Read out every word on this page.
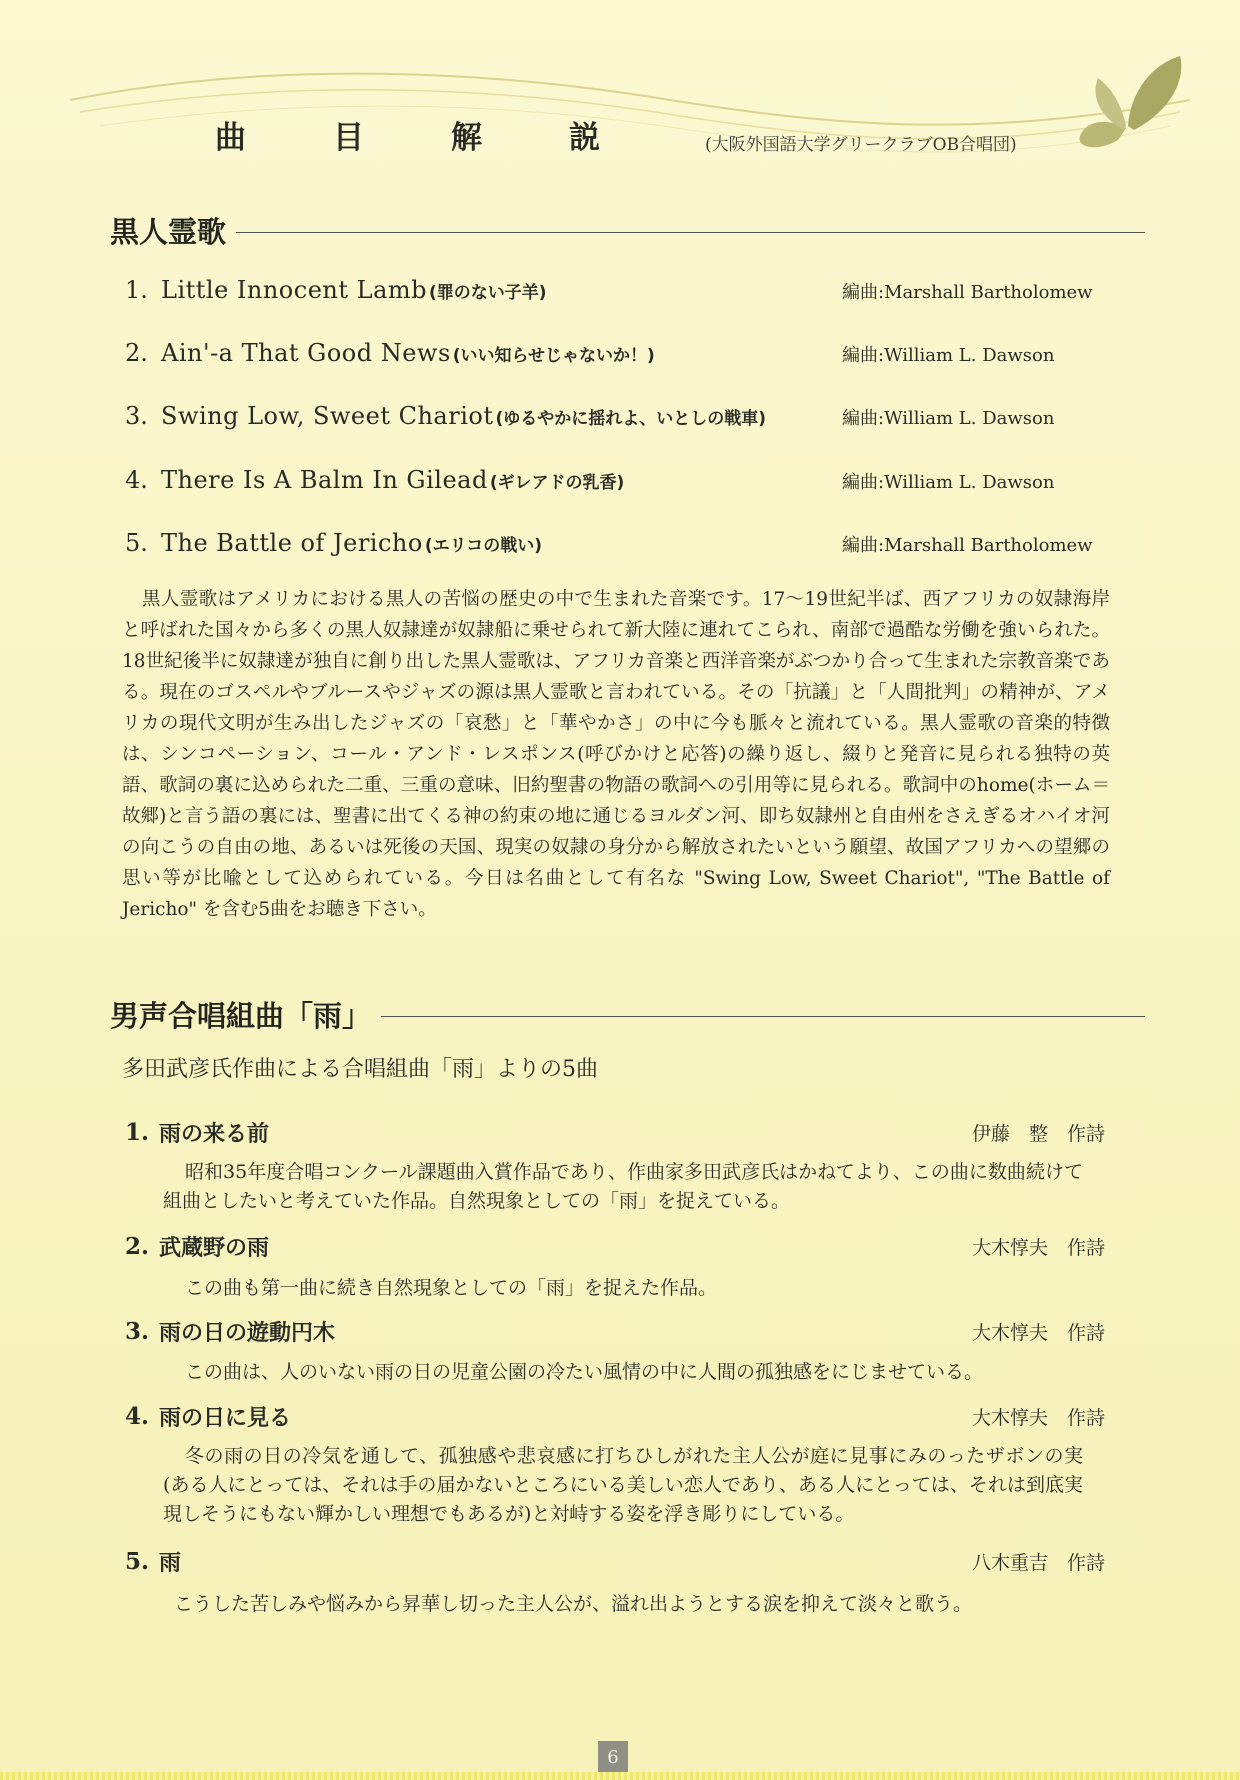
曲　目　解　説	(大阪外国語大学グリークラブOB合唱団)
黒人霊歌
1. Little Innocent Lamb (罪のない子羊)	編曲:Marshall Bartholomew
2. Ain'-a That Good News (いい知らせじゃないか！)	編曲:William L. Dawson
3. Swing Low, Sweet Chariot (ゆるやかに揺れよ、いとしの戦車)	編曲:William L. Dawson
4. There Is A Balm In Gilead (ギレアドの乳香)	編曲:William L. Dawson
5. The Battle of Jericho (エリコの戦い)	編曲:Marshall Bartholomew

黒人霊歌はアメリカにおける黒人の苦悩の歴史の中で生まれた音楽です。17～19世紀半ば、西アフリカの奴隷海岸と呼ばれた国々から多くの黒人奴隷達が奴隷船に乗せられて新大陸に連れてこられ、南部で過酷な労働を強いられた。18世紀後半に奴隷達が独自に創り出した黒人霊歌は、アフリカ音楽と西洋音楽がぶつかり合って生まれた宗教音楽である。現在のゴスペルやブルースやジャズの源は黒人霊歌と言われている。その「抗議」と「人間批判」の精神が、アメリカの現代文明が生み出したジャズの「哀愁」と「華やかさ」の中に今も脈々と流れている。黒人霊歌の音楽的特徴は、シンコペーション、コール・アンド・レスポンス(呼びかけと応答)の繰り返し、綴りと発音に見られる独特の英語、歌詞の裏に込められた二重、三重の意味、旧約聖書の物語の歌詞への引用等に見られる。歌詞中のhome(ホーム＝故郷)と言う語の裏には、聖書に出てくる神の約束の地に通じるヨルダン河、即ち奴隷州と自由州をさえぎるオハイオ河の向こうの自由の地、あるいは死後の天国、現実の奴隷の身分から解放されたいという願望、故国アフリカへの望郷の思い等が比喩として込められている。今日は名曲として有名な "Swing Low, Sweet Chariot", "The Battle of Jericho" を含む5曲をお聴き下さい。

男声合唱組曲「雨」
多田武彦氏作曲による合唱組曲「雨」よりの5曲
1. 雨の来る前	伊藤　整　作詩

昭和35年度合唱コンクール課題曲入賞作品であり、作曲家多田武彦氏はかねてより、この曲に数曲続けて組曲としたいと考えていた作品。自然現象としての「雨」を捉えている。

2. 武蔵野の雨	大木惇夫　作詩

この曲も第一曲に続き自然現象としての「雨」を捉えた作品。

3. 雨の日の遊動円木	大木惇夫　作詩

この曲は、人のいない雨の日の児童公園の冷たい風情の中に人間の孤独感をにじませている。

4. 雨の日に見る	大木惇夫　作詩

冬の雨の日の冷気を通して、孤独感や悲哀感に打ちひしがれた主人公が庭に見事にみのったザボンの実(ある人にとっては、それは手の届かないところにいる美しい恋人であり、ある人にとっては、それは到底実現しそうにもない輝かしい理想でもあるが)と対峙する姿を浮き彫りにしている。

5. 雨	八木重吉　作詩

こうした苦しみや悩みから昇華し切った主人公が、溢れ出ようとする涙を抑えて淡々と歌う。

6
